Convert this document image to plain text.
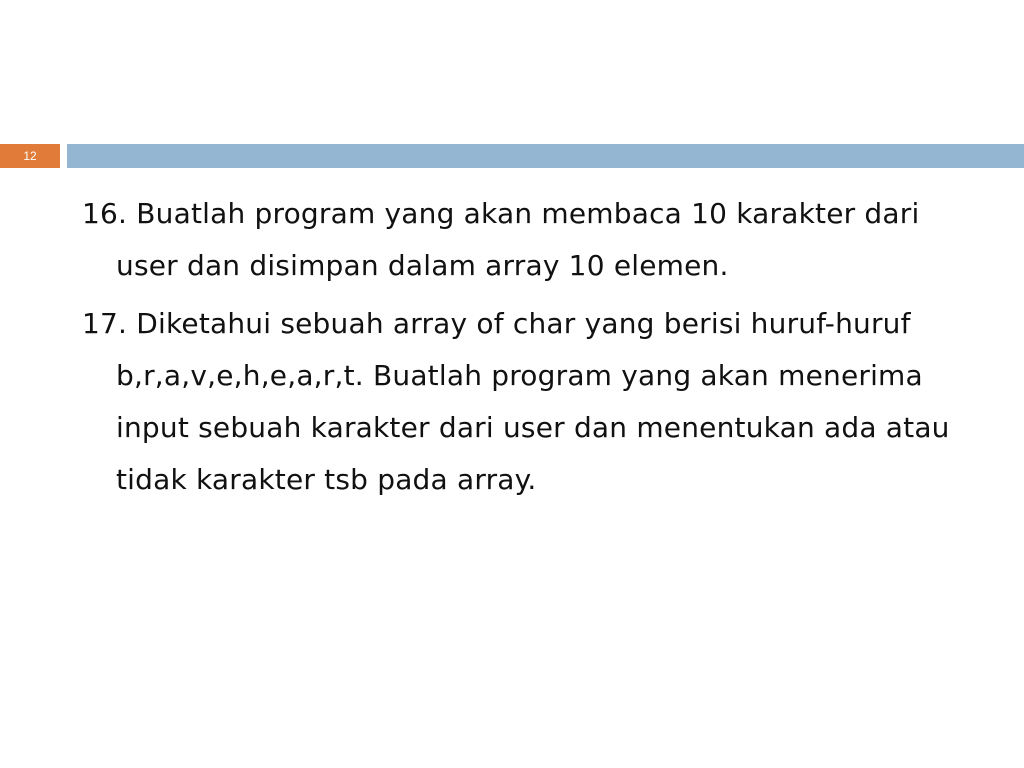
12

16. Buatlah program yang akan membaca 10 karakter dari user dan disimpan dalam array 10 elemen.

17. Diketahui sebuah array of char yang berisi huruf-huruf b,r,a,v,e,h,e,a,r,t. Buatlah program yang akan menerima input sebuah karakter dari user dan menentukan ada atau tidak karakter tsb pada array.
